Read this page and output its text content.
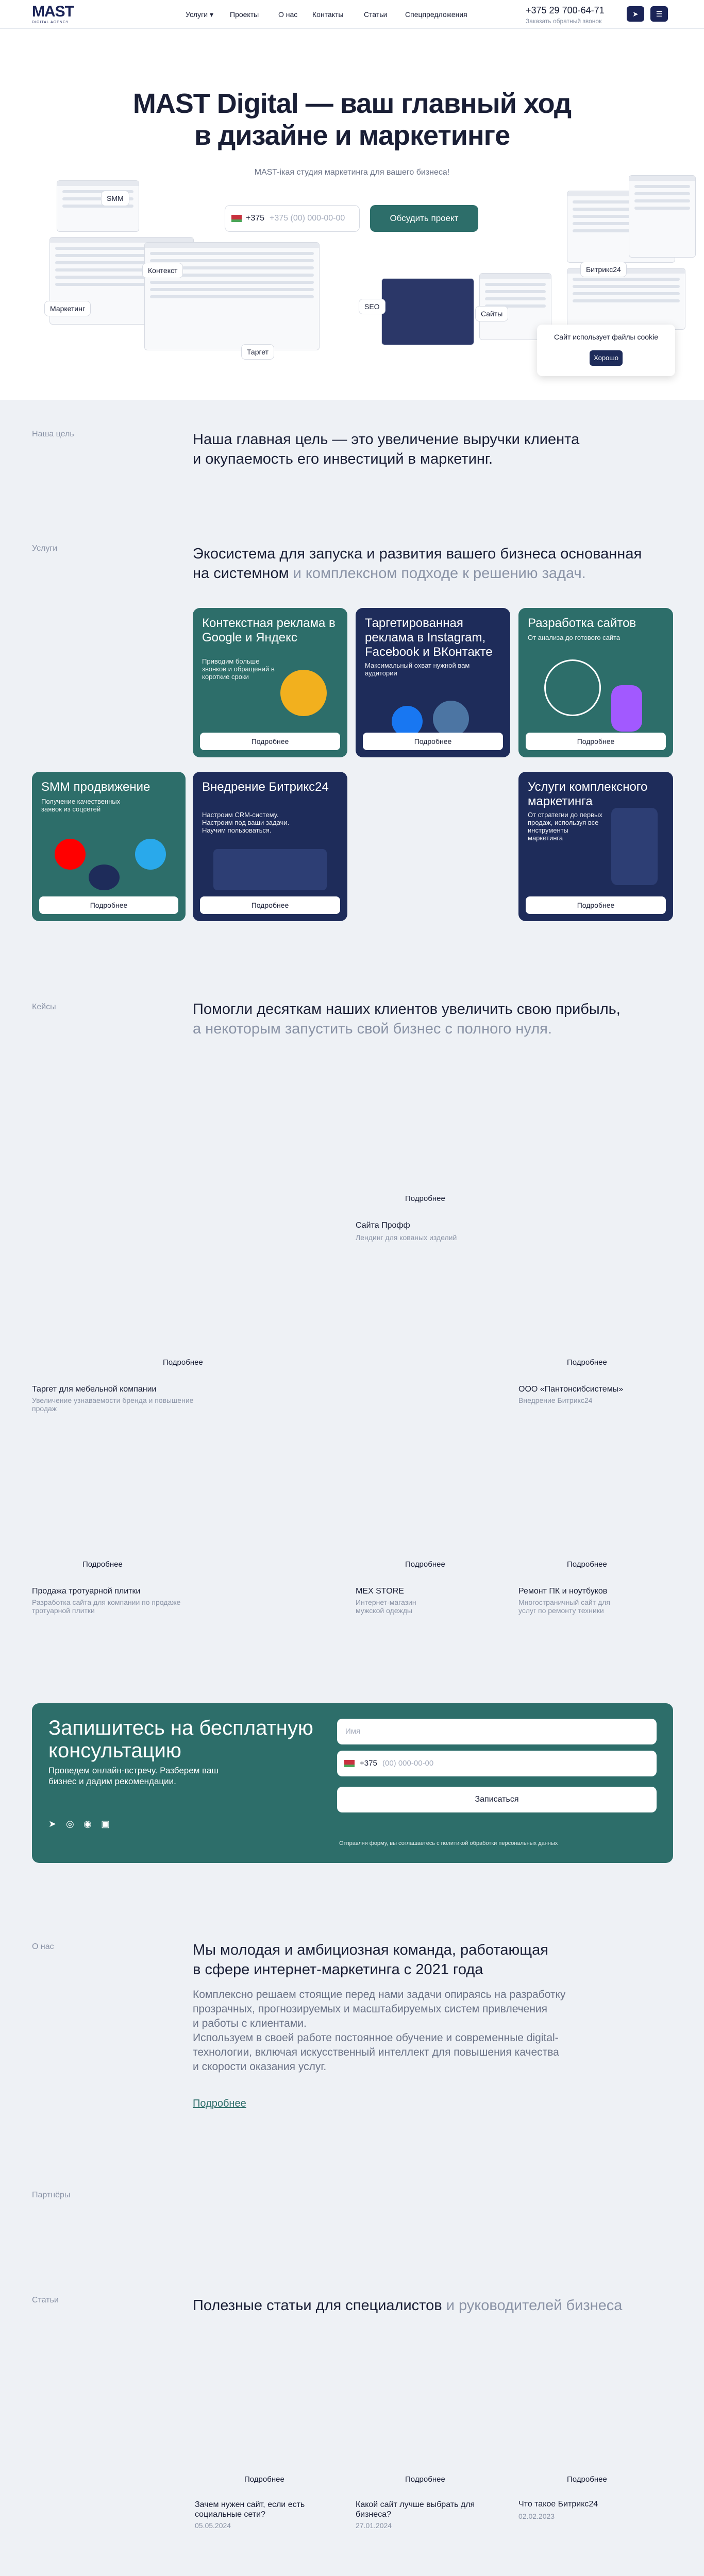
MAST
DIGITAL AGENCY
Услуги ▾ Проекты	О нас Контакты	Статьи Спецпредложения	+375 29 700-64-71
Заказать обратный звонок
➤	☰
MAST Digital — ваш главный ход
в дизайне и маркетинге
MAST-ікая студия маркетинга для вашего бизнеса!
+375 +375 (00) 000-00-00	Обсудить проект
SMM
Контекст
Маркетинг
Таргет
SEO
Сайты
Битрикс24
Сайт использует файлы cookie
Хорошо
Наша цель	Наша главная цель — это увеличение выручки клиента
и окупаемость его инвестиций в маркетинг.
Услуги	Экосистема для запуска и развития вашего бизнеса основанная
на системном и комплексном подходе к решению задач.
Контекстная реклама в Google и Яндекс
Приводим больше звонков и обращений в короткие сроки
Подробнее
Таргетированная реклама в Instagram, Facebook и ВКонтакте
Максимальный охват нужной вам аудитории
Подробнее
Разработка сайтов
От анализа до готового сайта
Подробнее
SMM продвижение
Получение качественных заявок из соцсетей
Подробнее
Внедрение Битрикс24
Настроим CRM-систему. Настроим под ваши задачи. Научим пользоваться.
Подробнее
Услуги комплексного маркетинга
От стратегии до первых продаж, используя все инструменты маркетинга
Подробнее
Кейсы	Помогли десяткам наших клиентов увеличить свою прибыль,
а некоторым запустить свой бизнес с полного нуля.
Подробнее
Сайта Профф
Лендинг для кованых изделий
Подробнее
Таргет для мебельной компании
Увеличение узнаваемости бренда и повышение продаж
Подробнее
ООО «Пантонсибсистемы»
Внедрение Битрикс24
Подробнее
Продажа тротуарной плитки
Разработка сайта для компании по продаже тротуарной плитки
Подробнее
MEX STORE
Интернет-магазин мужской одежды
Подробнее
Ремонт ПК и ноутбуков
Многостраничный сайт для услуг по ремонту техники
Запишитесь на бесплатную
консультацию
Проведем онлайн-встречу. Разберем ваш
бизнес и дадим рекомендации.
➤ ◎ ◉ ▣
Имя
+375 (00) 000-00-00
Записаться
Отправляя форму, вы соглашаетесь с политикой обработки персональных данных
О нас	Мы молодая и амбициозная команда, работающая
в сфере интернет-маркетинга с 2021 года
Комплексно решаем стоящие перед нами задачи опираясь на разработку
прозрачных, прогнозируемых и масштабируемых систем привлечения
и работы с клиентами.
Используем в своей работе постоянное обучение и современные digital-
технологии, включая искусственный интеллект для повышения качества
и скорости оказания услуг.
Подробнее
Партнёры
Статьи	Полезные статьи для специалистов и руководителей бизнеса
Подробнее
Зачем нужен сайт, если есть социальные сети?
05.05.2024
Подробнее
Какой сайт лучше выбрать для бизнеса?
27.01.2024
Подробнее
Что такое Битрикс24
02.02.2023
